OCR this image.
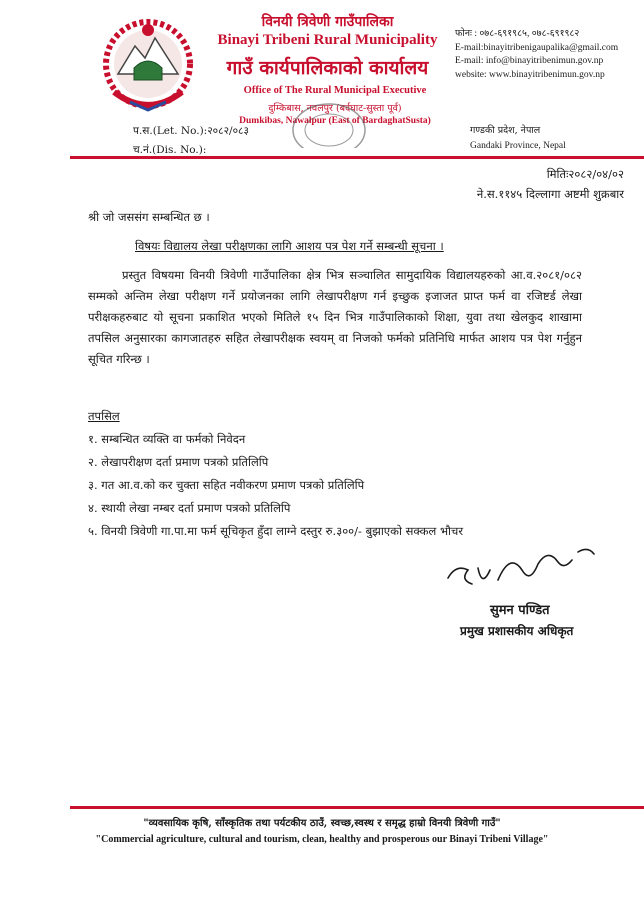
विनयी त्रिवेणी गाउँपालिका
Binayi Tribeni Rural Municipality
गाउँ कार्यपालिकाको कार्यालय
Office of The Rural Municipal Executive
दुम्किबास, नवलपुर (बर्दघाट-सुस्ता पूर्व)
Dumkibas, Nawalpur (East of BardaghatSusta)
फोनः : ०७८-६९१९८५, ०७८-६९१९८२
E-mail:binayitribenigaupalika@gmail.com
E-mail: info@binayitribenimun.gov.np
website: www.binayitribenimun.gov.np
प.स.(Let. No.):२०८२/०८३
च.नं.(Dis. No.):
गण्डकी प्रदेश, नेपाल
Gandaki Province, Nepal
मितिः२०८२/०४/०२
ने.स.११४५ दिल्लागा अष्टमी शुक्रबार
श्री जो जससंग सम्बन्धित छ ।
विषयः विद्यालय लेखा परीक्षणका लागि आशय पत्र पेश गर्ने सम्बन्धी सूचना ।
प्रस्तुत विषयमा विनयी त्रिवेणी गाउँपालिका क्षेत्र भित्र सञ्चालित सामुदायिक विद्यालयहरुको आ.व.२०८१/०८२ सम्मको अन्तिम लेखा परीक्षण गर्ने प्रयोजनका लागि लेखापरीक्षण गर्न इच्छुक इजाजत प्राप्त फर्म वा रजिष्टर्ड लेखा परीक्षकहरुबाट यो सूचना प्रकाशित भएको मितिले १५ दिन भित्र गाउँपालिकाको शिक्षा, युवा तथा खेलकुद शाखामा तपसिल अनुसारका कागजातहरु सहित लेखापरीक्षक स्वयम् वा निजको फर्मको प्रतिनिधि मार्फत आशय पत्र पेश गर्नुहुन सूचित गरिन्छ ।
तपसिल
१. सम्बन्धित व्यक्ति वा फर्मको निवेदन
२. लेखापरीक्षण दर्ता प्रमाण पत्रको प्रतिलिपि
३. गत आ.व.को कर चुक्ता सहित नवीकरण प्रमाण पत्रको प्रतिलिपि
४. स्थायी लेखा नम्बर दर्ता प्रमाण पत्रको प्रतिलिपि
५. विनयी त्रिवेणी गा.पा.मा फर्म सूचिकृत हुँदा लाग्ने दस्तुर रु.३००/- बुझाएको सक्कल भौचर
सुमन पण्डित
प्रमुख प्रशासकीय अधिकृत
"व्यवसायिक कृषि, साँस्कृतिक तथा पर्यटकीय ठाउँ, स्वच्छ,स्वस्थ र समृद्ध हाम्रो विनयी त्रिवेणी गाउँ"
"Commercial agriculture, cultural and tourism, clean, healthy and prosperous our Binayi Tribeni Village"
